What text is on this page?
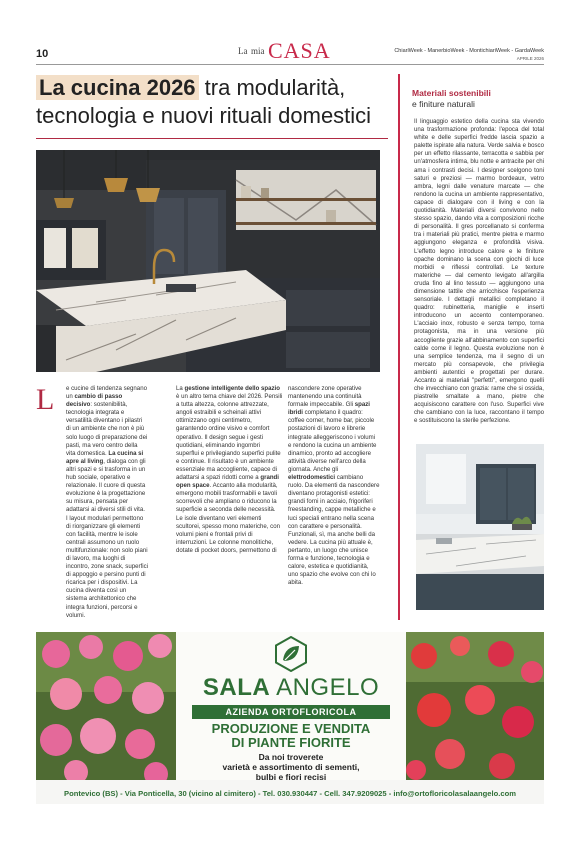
10	La mia CASA	ChiariWeek - ManerbioWeek - MontichiariWeek - GardaWeek
APRILE 2026
La cucina 2026 tra modularità, tecnologia e nuovi rituali domestici
L	e cucine di tendenza segnano un cambio di passo decisivo: sostenibilità, tecnologia integrata e versatilità diventano i pilastri di un ambiente che non è più solo luogo di preparazione dei pasti, ma vero centro della vita domestica. La cucina si apre al living, dialoga con gli altri spazi e si trasforma in un hub sociale, operativo e relazionale. Il cuore di questa evoluzione è la progettazione su misura, pensata per adattarsi ai diversi stili di vita. I layout modulari permettono di riorganizzare gli elementi con facilità, mentre le isole centrali assumono un ruolo multifunzionale: non solo piani di lavoro, ma luoghi di incontro, zone snack, superfici di appoggio e persino punti di ricarica per i dispositivi. La cucina diventa così un sistema architettonico che integra funzioni, percorsi e volumi.

La gestione intelligente dello spazio è un altro tema chiave del 2026. Pensili a tutta altezza, colonne attrezzate, angoli estraibili e scheinali attivi ottimizzano ogni centimetro, garantendo ordine visivo e comfort operativo. Il design segue i gesti quotidiani, eliminando ingombri superflui e privilegiando superfici pulite e continue. Il risultato è un ambiente essenziale ma accogliente, capace di adattarsi a spazi ridotti come a grandi open space. Accanto alla modularità, emergono mobili trasformabili e tavoli scorrevoli che ampliano o riducono la superficie a seconda delle necessità. Le isole diventano veri elementi scultorei, spesso mono materiche, con volumi pieni e frontali privi di interruzioni. Le colonne monolitiche, dotate di pocket doors, permettono di

nascondere zone operative mantenendo una continuità formale impeccabile. Gli spazi ibridi completano il quadro: coffee corner, home bar, piccole postazioni di lavoro e librerie integrate alleggeriscono i volumi e rendono la cucina un ambiente dinamico, pronto ad accogliere attività diverse nell'arco della giornata. Anche gli elettrodomestici cambiano ruolo. Da elementi da nascondere diventano protagonisti estetici: grandi forni in acciaio, frigoriferi freestanding, cappe metalliche e luci speciali entrano nella scena con carattere e personalità. Funzionali, sì, ma anche belli da vedere. La cucina più attuale è, pertanto, un luogo che unisce forma e funzione, tecnologia e calore, estetica e quotidianità, uno spazio che evolve con chi lo abita.

Materiali sostenibili
e finiture naturali
Il linguaggio estetico della cucina sta vivendo una trasformazione profonda: l'epoca del total white e delle superfici fredde lascia spazio a palette ispirate alla natura. Verde salvia e bosco per un effetto rilassante, terracotta e sabbia per un'atmosfera intima, blu notte e antracite per chi ama i contrasti decisi. I designer scelgono toni saturi e preziosi — marmo bordeaux, vetro ambra, legni dalle venature marcate — che rendono la cucina un ambiente rappresentativo, capace di dialogare con il living e con la quotidianità. Materiali diversi convivono nello stesso spazio, dando vita a composizioni ricche di personalità. Il gres porcellanato si conferma tra i materiali più pratici, mentre pietra e marmo aggiungono eleganza e profondità visiva. L'effetto legno introduce calore e le finiture opache dominano la scena con giochi di luce morbidi e riflessi controllati. Le texture materiche — dal cemento levigato all'argilla cruda fino al lino tessuto — aggiungono una dimensione tattile che arricchisce l'esperienza sensoriale. I dettagli metallici completano il quadro: rubinetteria, maniglie e inserti introducono un accento contemporaneo. L'acciaio inox, robusto e senza tempo, torna protagonista, ma in una versione più accogliente grazie all'abbinamento con superfici calde come il legno. Questa evoluzione non è una semplice tendenza, ma il segno di un mercato più consapevole, che privilegia ambienti autentici e progettati per durare. Accanto ai materiali "perfetti", emergono quelli che invecchiano con grazia: rame che si ossida, piastrelle smaltate a mano, pietre che acquisiscono carattere con l'uso. Superfici vive che cambiano con la luce, raccontano il tempo e sostituiscono la sterile perfezione.
SALA ANGELO
AZIENDA ORTOFLORICOLA
PRODUZIONE E VENDITA
DI PIANTE FIORITE
Da noi troverete
varietà e assortimento di sementi,
bulbi e fiori recisi
Pontevico (BS) - Via Ponticella, 30 (vicino al cimitero) - Tel. 030.930447 - Cell. 347.9209025 - info@ortofloricolasalaangelo.com
